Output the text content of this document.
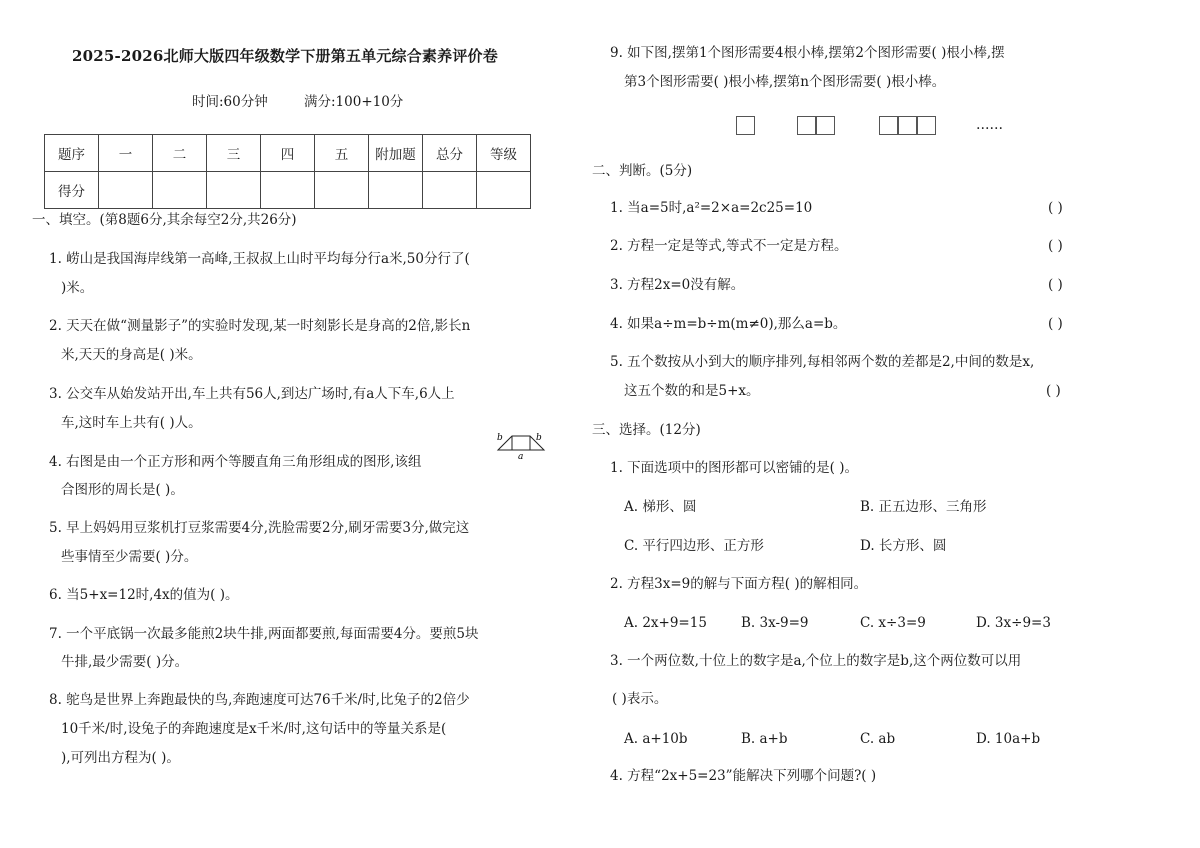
2025-2026北师大版四年级数学下册第五单元综合素养评价卷
时间:60分钟	满分:100+10分
题序	一	二	三	四	五	附加题	总分	等级
得分								
一、填空。(第8题6分,其余每空2分,共26分)
1. 崂山是我国海岸线第一高峰,王叔叔上山时平均每分行a米,50分行了(
)米。
2. 天天在做“测量影子”的实验时发现,某一时刻影长是身高的2倍,影长n
米,天天的身高是( )米。
3. 公交车从始发站开出,车上共有56人,到达广场时,有a人下车,6人上
车,这时车上共有( )人。
4. 右图是由一个正方形和两个等腰直角三角形组成的图形,该组
合图形的周长是( )。
b	b
a
5. 早上妈妈用豆浆机打豆浆需要4分,洗脸需要2分,刷牙需要3分,做完这
些事情至少需要( )分。
6. 当5+x=12时,4x的值为( )。
7. 一个平底锅一次最多能煎2块牛排,两面都要煎,每面需要4分。要煎5块
牛排,最少需要( )分。
8. 鸵鸟是世界上奔跑最快的鸟,奔跑速度可达76千米/时,比兔子的2倍少
10千米/时,设兔子的奔跑速度是x千米/时,这句话中的等量关系是(
),可列出方程为( )。
9. 如下图,摆第1个图形需要4根小棒,摆第2个图形需要( )根小棒,摆
第3个图形需要( )根小棒,摆第n个图形需要( )根小棒。
……
二、判断。(5分)
1. 当a=5时,a²=2×a=2c25=10	( )
2. 方程一定是等式,等式不一定是方程。	( )
3. 方程2x=0没有解。	( )
4. 如果a÷m=b÷m(m≠0),那么a=b。	( )
5. 五个数按从小到大的顺序排列,每相邻两个数的差都是2,中间的数是x,
这五个数的和是5+x。	( )
三、选择。(12分)
1. 下面选项中的图形都可以密铺的是( )。
A. 梯形、圆	B. 正五边形、三角形
C. 平行四边形、正方形	D. 长方形、圆
2. 方程3x=9的解与下面方程( )的解相同。
A. 2x+9=15	B. 3x-9=9	C. x÷3=9	D. 3x÷9=3
3. 一个两位数,十位上的数字是a,个位上的数字是b,这个两位数可以用
( )表示。
A. a+10b	B. a+b	C. ab	D. 10a+b
4. 方程“2x+5=23”能解决下列哪个问题?( )
